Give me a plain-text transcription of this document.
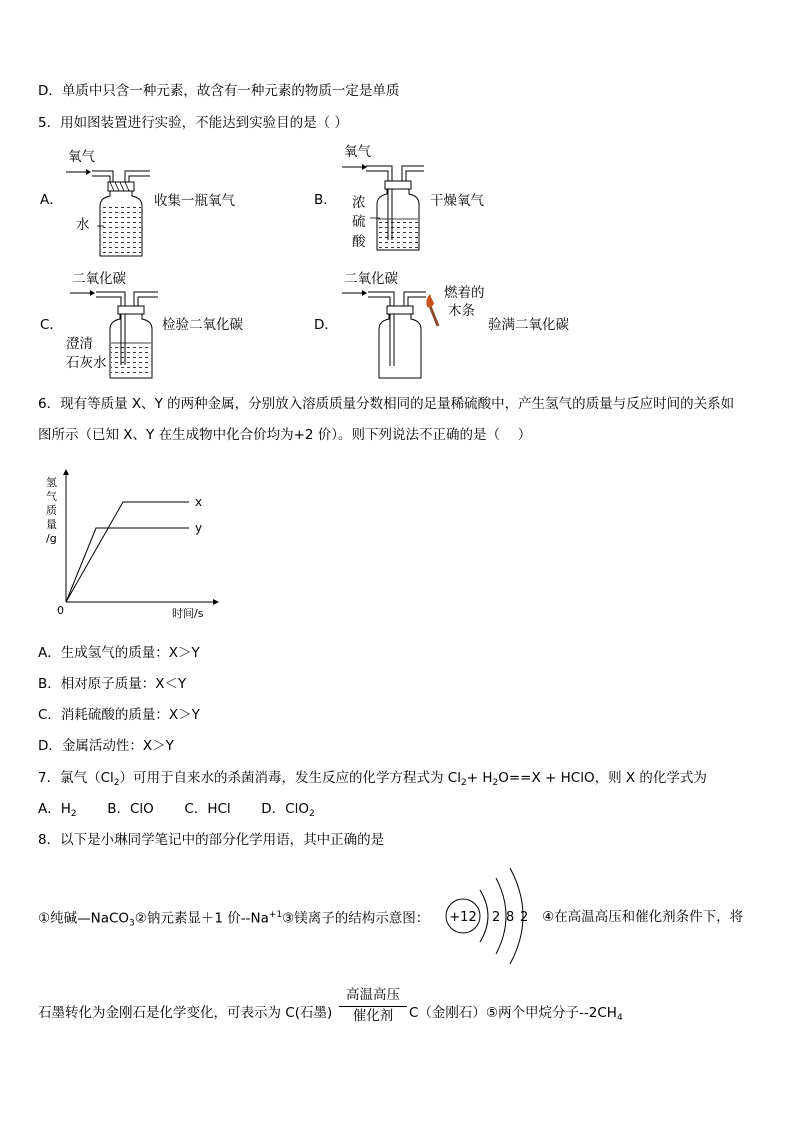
D．单质中只含一种元素，故含有一种元素的物质一定是单质
5．用如图装置进行实验，不能达到实验目的是（ ）
A．
氧气
水
收集一瓶氧气	B．
氧气
浓
硫
酸
干燥氧气
C．
二氧化碳
澄清
石灰水
检验二氧化碳	D．
二氧化碳
燃着的
木条
验满二氧化碳
6．现有等质量 X、Y 的两种金属，分别放入溶质质量分数相同的足量稀硫酸中，产生氢气的质量与反应时间的关系如
图所示（已知 X、Y 在生成物中化合价均为+2 价）。则下列说法不正确的是（　 ）
氢
气
质
量
/g
0	时间/s
x
y
A．生成氢气的质量：X＞Y
B．相对原子质量：X＜Y
C．消耗硫酸的质量：X＞Y
D．金属活动性：X＞Y
7．氯气$(Cl_2)$可用于自来水的杀菌消毒，发生反应的化学方程式为 $Cl_2+ H_2O==X$ + HClO，则 X 的化学式为
A．$H_2$ B．ClO C．HCl D．ClO$_2$
8．以下是小琳同学笔记中的部分化学用语，其中正确的是
①纯碱—NaCO$_3$②钠元素显＋1 价$--Na^{+1}③$镁离子的结构示意图： +12 2 8 2 ④在高温高压和催化剂条件下，将
石墨转化为金刚石是化学变化，可表示为 C(石墨)
高温高压
催化剂	C（金刚石）⑤两个甲烷分子$--2CH_4$
